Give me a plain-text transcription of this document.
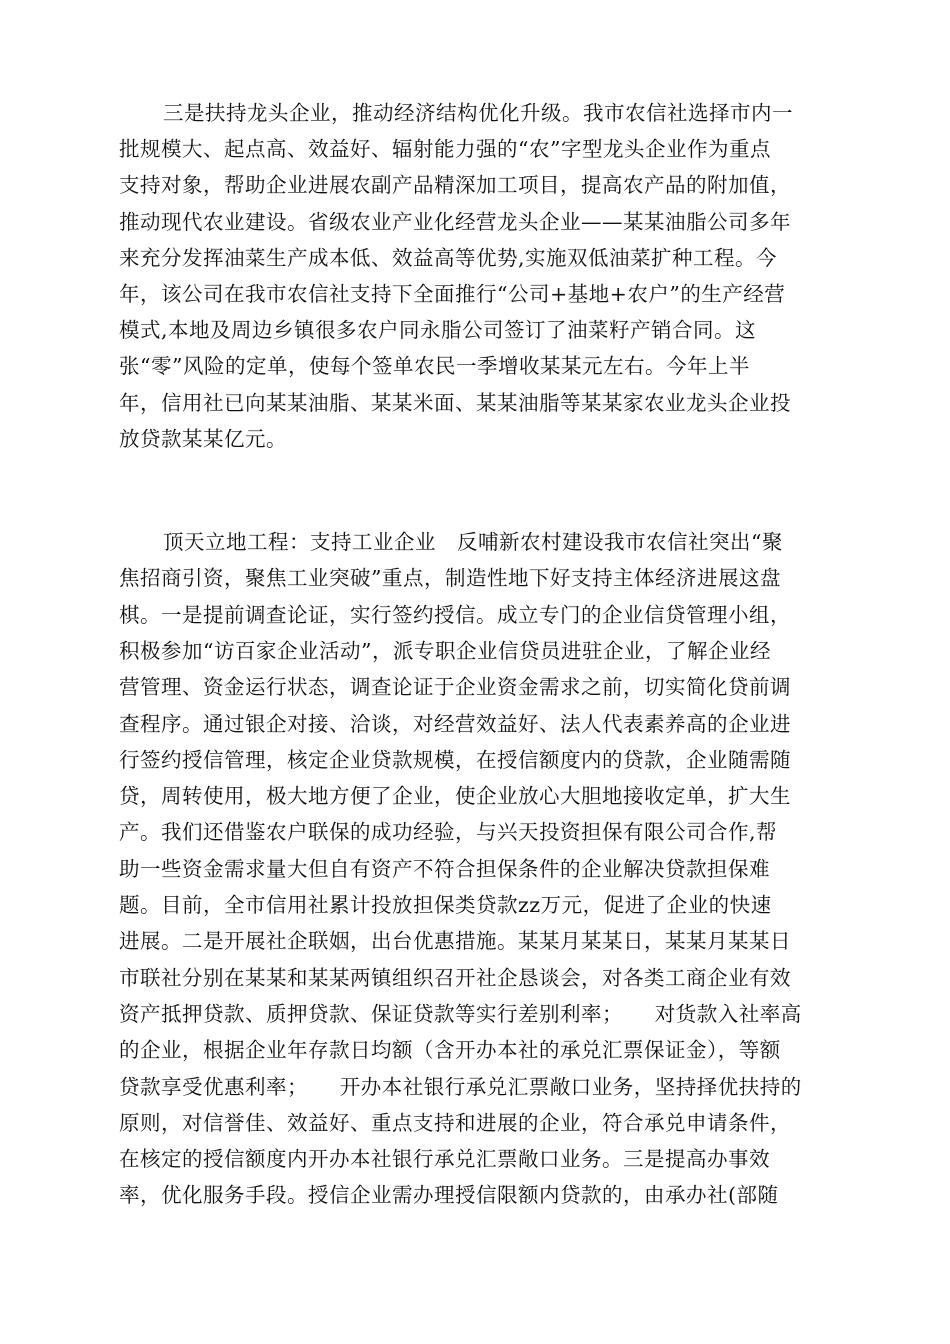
三是扶持龙头企业，推动经济结构优化升级。我市农信社选择市内一
批规模大、起点高、效益好、辐射能力强的“农”字型龙头企业作为重点
支持对象，帮助企业进展农副产品精深加工项目，提高农产品的附加值，
推动现代农业建设。省级农业产业化经营龙头企业——某某油脂公司多年
来充分发挥油菜生产成本低、效益高等优势,实施双低油菜扩种工程。今
年，该公司在我市农信社支持下全面推行“公司+基地+农户”的生产经营
模式,本地及周边乡镇很多农户同永脂公司签订了油菜籽产销合同。这
张“零”风险的定单，使每个签单农民一季增收某某元左右。今年上半
年，信用社已向某某油脂、某某米面、某某油脂等某某家农业龙头企业投
放贷款某某亿元。
顶天立地工程：支持工业企业　反哺新农村建设我市农信社突出“聚
焦招商引资，聚焦工业突破”重点，制造性地下好支持主体经济进展这盘
棋。一是提前调查论证，实行签约授信。成立专门的企业信贷管理小组，
积极参加“访百家企业活动”，派专职企业信贷员进驻企业，了解企业经
营管理、资金运行状态，调查论证于企业资金需求之前，切实简化贷前调
查程序。通过银企对接、洽谈，对经营效益好、法人代表素养高的企业进
行签约授信管理，核定企业贷款规模，在授信额度内的贷款，企业随需随
贷，周转使用，极大地方便了企业，使企业放心大胆地接收定单，扩大生
产。我们还借鉴农户联保的成功经验，与兴天投资担保有限公司合作,帮
助一些资金需求量大但自有资产不符合担保条件的企业解决贷款担保难
题。目前，全市信用社累计投放担保类贷款zz万元，促进了企业的快速
进展。二是开展社企联姻，出台优惠措施。某某月某某日，某某月某某日
市联社分别在某某和某某两镇组织召开社企恳谈会，对各类工商企业有效
资产抵押贷款、质押贷款、保证贷款等实行差别利率；　　对货款入社率高
的企业，根据企业年存款日均额（含开办本社的承兑汇票保证金），等额
贷款享受优惠利率；　　开办本社银行承兑汇票敞口业务，坚持择优扶持的
原则，对信誉佳、效益好、重点支持和进展的企业，符合承兑申请条件，
在核定的授信额度内开办本社银行承兑汇票敞口业务。三是提高办事效
率，优化服务手段。授信企业需办理授信限额内贷款的，由承办社(部随
